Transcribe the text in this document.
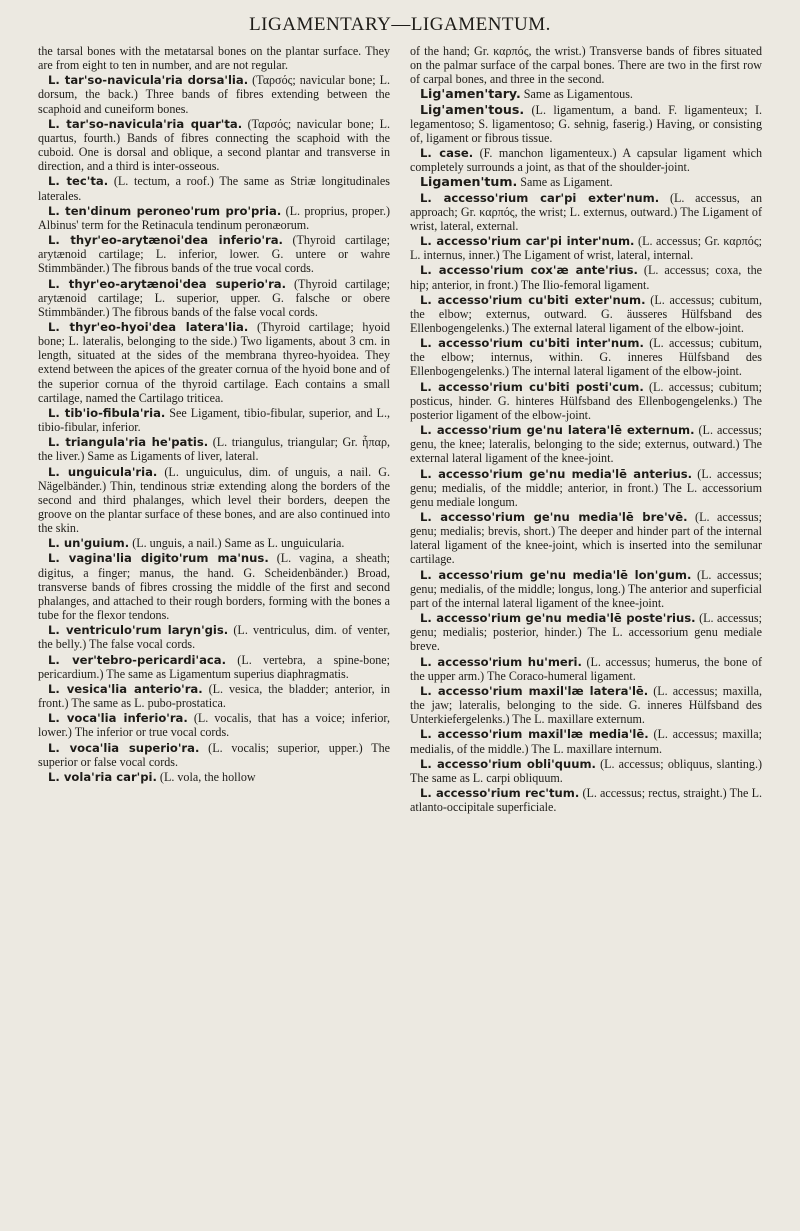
LIGAMENTARY—LIGAMENTUM.

the tarsal bones with the metatarsal bones on the plantar surface. They are from eight to ten in number, and are not regular.

L. tar'so-navicula'ria dorsa'lia. (Ταρσός; navicular bone; L. dorsum, the back.) Three bands of fibres extending between the scaphoid and cuneiform bones.

L. tar'so-navicula'ria quar'ta. (Ταρσός; navicular bone; L. quartus, fourth.) Bands of fibres connecting the scaphoid with the cuboid. One is dorsal and oblique, a second plantar and transverse in direction, and a third is inter-osseous.

L. tec'ta. (L. tectum, a roof.) The same as Striæ longitudinales laterales.

L. ten'dinum peroneo'rum pro'pria. (L. proprius, proper.) Albinus' term for the Retinacula tendinum peronæorum.

L. thyr'eo-arytænoi'dea inferio'ra. (Thyroid cartilage; arytænoid cartilage; L. inferior, lower. G. untere or wahre Stimmbänder.) The fibrous bands of the true vocal cords.

L. thyr'eo-arytænoi'dea superio'ra. (Thyroid cartilage; arytænoid cartilage; L. superior, upper. G. falsche or obere Stimmbänder.) The fibrous bands of the false vocal cords.

L. thyr'eo-hyoi'dea latera'lia. (Thyroid cartilage; hyoid bone; L. lateralis, belonging to the side.) Two ligaments, about 3 cm. in length, situated at the sides of the membrana thyreo-hyoidea. They extend between the apices of the greater cornua of the hyoid bone and of the superior cornua of the thyroid cartilage. Each contains a small cartilage, named the Cartilago triticea.

L. tib'io-fibula'ria. See Ligament, tibio-fibular, superior, and L., tibio-fibular, inferior.

L. triangula'ria he'patis. (L. triangulus, triangular; Gr. ἧπαρ, the liver.) Same as Ligaments of liver, lateral.

L. unguicula'ria. (L. unguiculus, dim. of unguis, a nail. G. Nägelbänder.) Thin, tendinous striæ extending along the borders of the second and third phalanges, which level their borders, deepen the groove on the plantar surface of these bones, and are also continued into the skin.

L. un'guium. (L. unguis, a nail.) Same as L. unguicularia.

L. vagina'lia digito'rum ma'nus. (L. vagina, a sheath; digitus, a finger; manus, the hand. G. Scheidenbänder.) Broad, transverse bands of fibres crossing the middle of the first and second phalanges, and attached to their rough borders, forming with the bones a tube for the flexor tendons.

L. ventriculo'rum laryn'gis. (L. ventriculus, dim. of venter, the belly.) The false vocal cords.

L. ver'tebro-pericardi'aca. (L. vertebra, a spine-bone; pericardium.) The same as Ligamentum superius diaphragmatis.

L. vesica'lia anterio'ra. (L. vesica, the bladder; anterior, in front.) The same as L. pubo-prostatica.

L. voca'lia inferio'ra. (L. vocalis, that has a voice; inferior, lower.) The inferior or true vocal cords.

L. voca'lia superio'ra. (L. vocalis; superior, upper.) The superior or false vocal cords.

L. vola'ria car'pi. (L. vola, the hollow

of the hand; Gr. καρπός, the wrist.) Transverse bands of fibres situated on the palmar surface of the carpal bones. There are two in the first row of carpal bones, and three in the second.

Lig'amen'tary. Same as Ligamentous.

Lig'amen'tous. (L. ligamentum, a band. F. ligamenteux; I. legamentoso; S. ligamentoso; G. sehnig, faserig.) Having, or consisting of, ligament or fibrous tissue.

L. case. (F. manchon ligamenteux.) A capsular ligament which completely surrounds a joint, as that of the shoulder-joint.

Ligamen'tum. Same as Ligament.

L. accesso'rium car'pi exter'num. (L. accessus, an approach; Gr. καρπός, the wrist; L. externus, outward.) The Ligament of wrist, lateral, external.

L. accesso'rium car'pi inter'num. (L. accessus; Gr. καρπός; L. internus, inner.) The Ligament of wrist, lateral, internal.

L. accesso'rium cox'æ ante'rius. (L. accessus; coxa, the hip; anterior, in front.) The Ilio-femoral ligament.

L. accesso'rium cu'biti exter'num. (L. accessus; cubitum, the elbow; externus, outward. G. äusseres Hülfsband des Ellenbogengelenks.) The external lateral ligament of the elbow-joint.

L. accesso'rium cu'biti inter'num. (L. accessus; cubitum, the elbow; internus, within. G. inneres Hülfsband des Ellenbogengelenks.) The internal lateral ligament of the elbow-joint.

L. accesso'rium cu'biti posti'cum. (L. accessus; cubitum; posticus, hinder. G. hinteres Hülfsband des Ellenbogengelenks.) The posterior ligament of the elbow-joint.

L. accesso'rium ge'nu latera'lē externum. (L. accessus; genu, the knee; lateralis, belonging to the side; externus, outward.) The external lateral ligament of the knee-joint.

L. accesso'rium ge'nu media'lē anterius. (L. accessus; genu; medialis, of the middle; anterior, in front.) The L. accessorium genu mediale longum.

L. accesso'rium ge'nu media'lē bre'vē. (L. accessus; genu; medialis; brevis, short.) The deeper and hinder part of the internal lateral ligament of the knee-joint, which is inserted into the semilunar cartilage.

L. accesso'rium ge'nu media'lē lon'gum. (L. accessus; genu; medialis, of the middle; longus, long.) The anterior and superficial part of the internal lateral ligament of the knee-joint.

L. accesso'rium ge'nu media'lē poste'rius. (L. accessus; genu; medialis; posterior, hinder.) The L. accessorium genu mediale breve.

L. accesso'rium hu'meri. (L. accessus; humerus, the bone of the upper arm.) The Coraco-humeral ligament.

L. accesso'rium maxil'læ latera'lē. (L. accessus; maxilla, the jaw; lateralis, belonging to the side. G. inneres Hülfsband des Unterkiefergelenks.) The L. maxillare externum.

L. accesso'rium maxil'læ media'lē. (L. accessus; maxilla; medialis, of the middle.) The L. maxillare internum.

L. accesso'rium obli'quum. (L. accessus; obliquus, slanting.) The same as L. carpi obliquum.

L. accesso'rium rec'tum. (L. accessus; rectus, straight.) The L. atlanto-occipitale superficiale.
